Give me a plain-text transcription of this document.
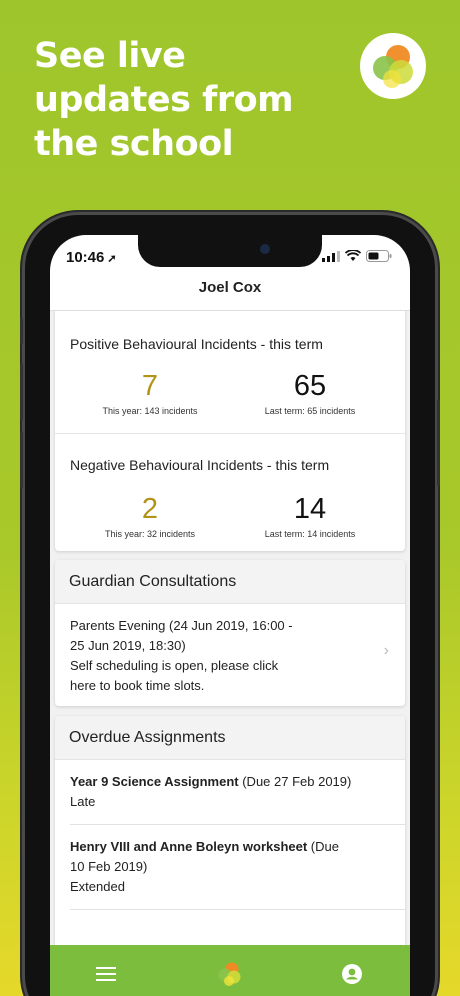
See live
updates from
the school
10:46 ➚
Joel Cox
Positive Behavioural Incidents - this term
7
This year: 143 incidents
65
Last term: 65 incidents
Negative Behavioural Incidents - this term
2
This year: 32 incidents
14
Last term: 14 incidents
Guardian Consultations
Parents Evening (24 Jun 2019, 16:00 -
25 Jun 2019, 18:30)
Self scheduling is open, please click
here to book time slots.
›
Overdue Assignments
Year 9 Science Assignment (Due 27 Feb 2019)
Late
Henry VIII and Anne Boleyn worksheet (Due
10 Feb 2019)
Extended
